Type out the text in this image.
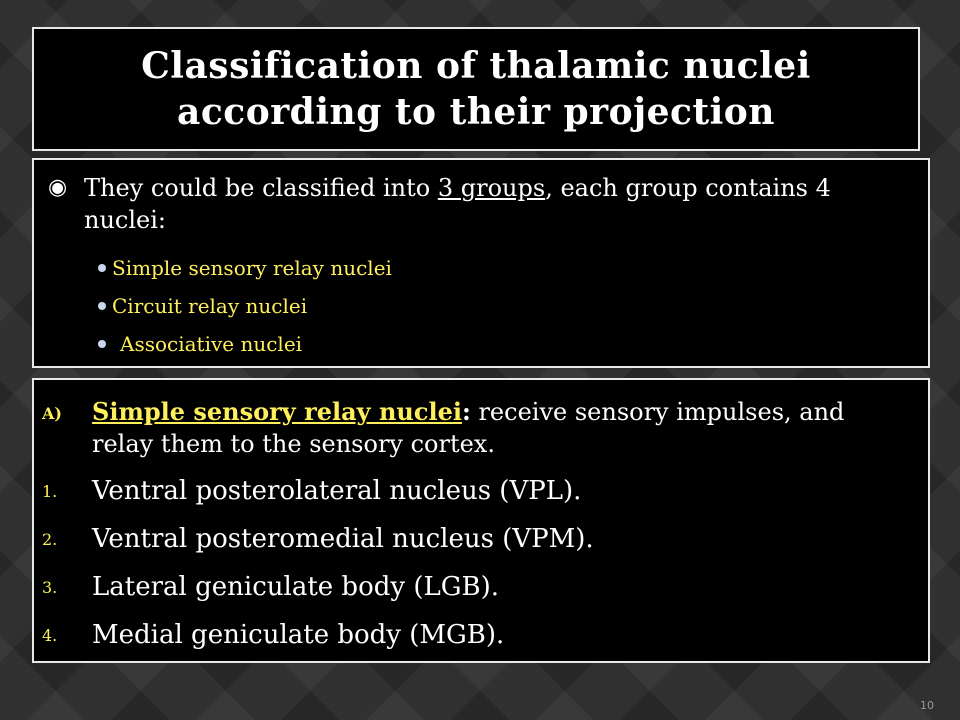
Classification of thalamic nuclei
according to their projection
◉ They could be classified into 3 groups, each group contains 4 nuclei:
Simple sensory relay nuclei
Circuit relay nuclei
Associative nuclei
A) Simple sensory relay nuclei: receive sensory impulses, and relay them to the sensory cortex.
1. Ventral posterolateral nucleus (VPL).
2. Ventral posteromedial nucleus (VPM).
3. Lateral geniculate body (LGB).
4. Medial geniculate body (MGB).
10
